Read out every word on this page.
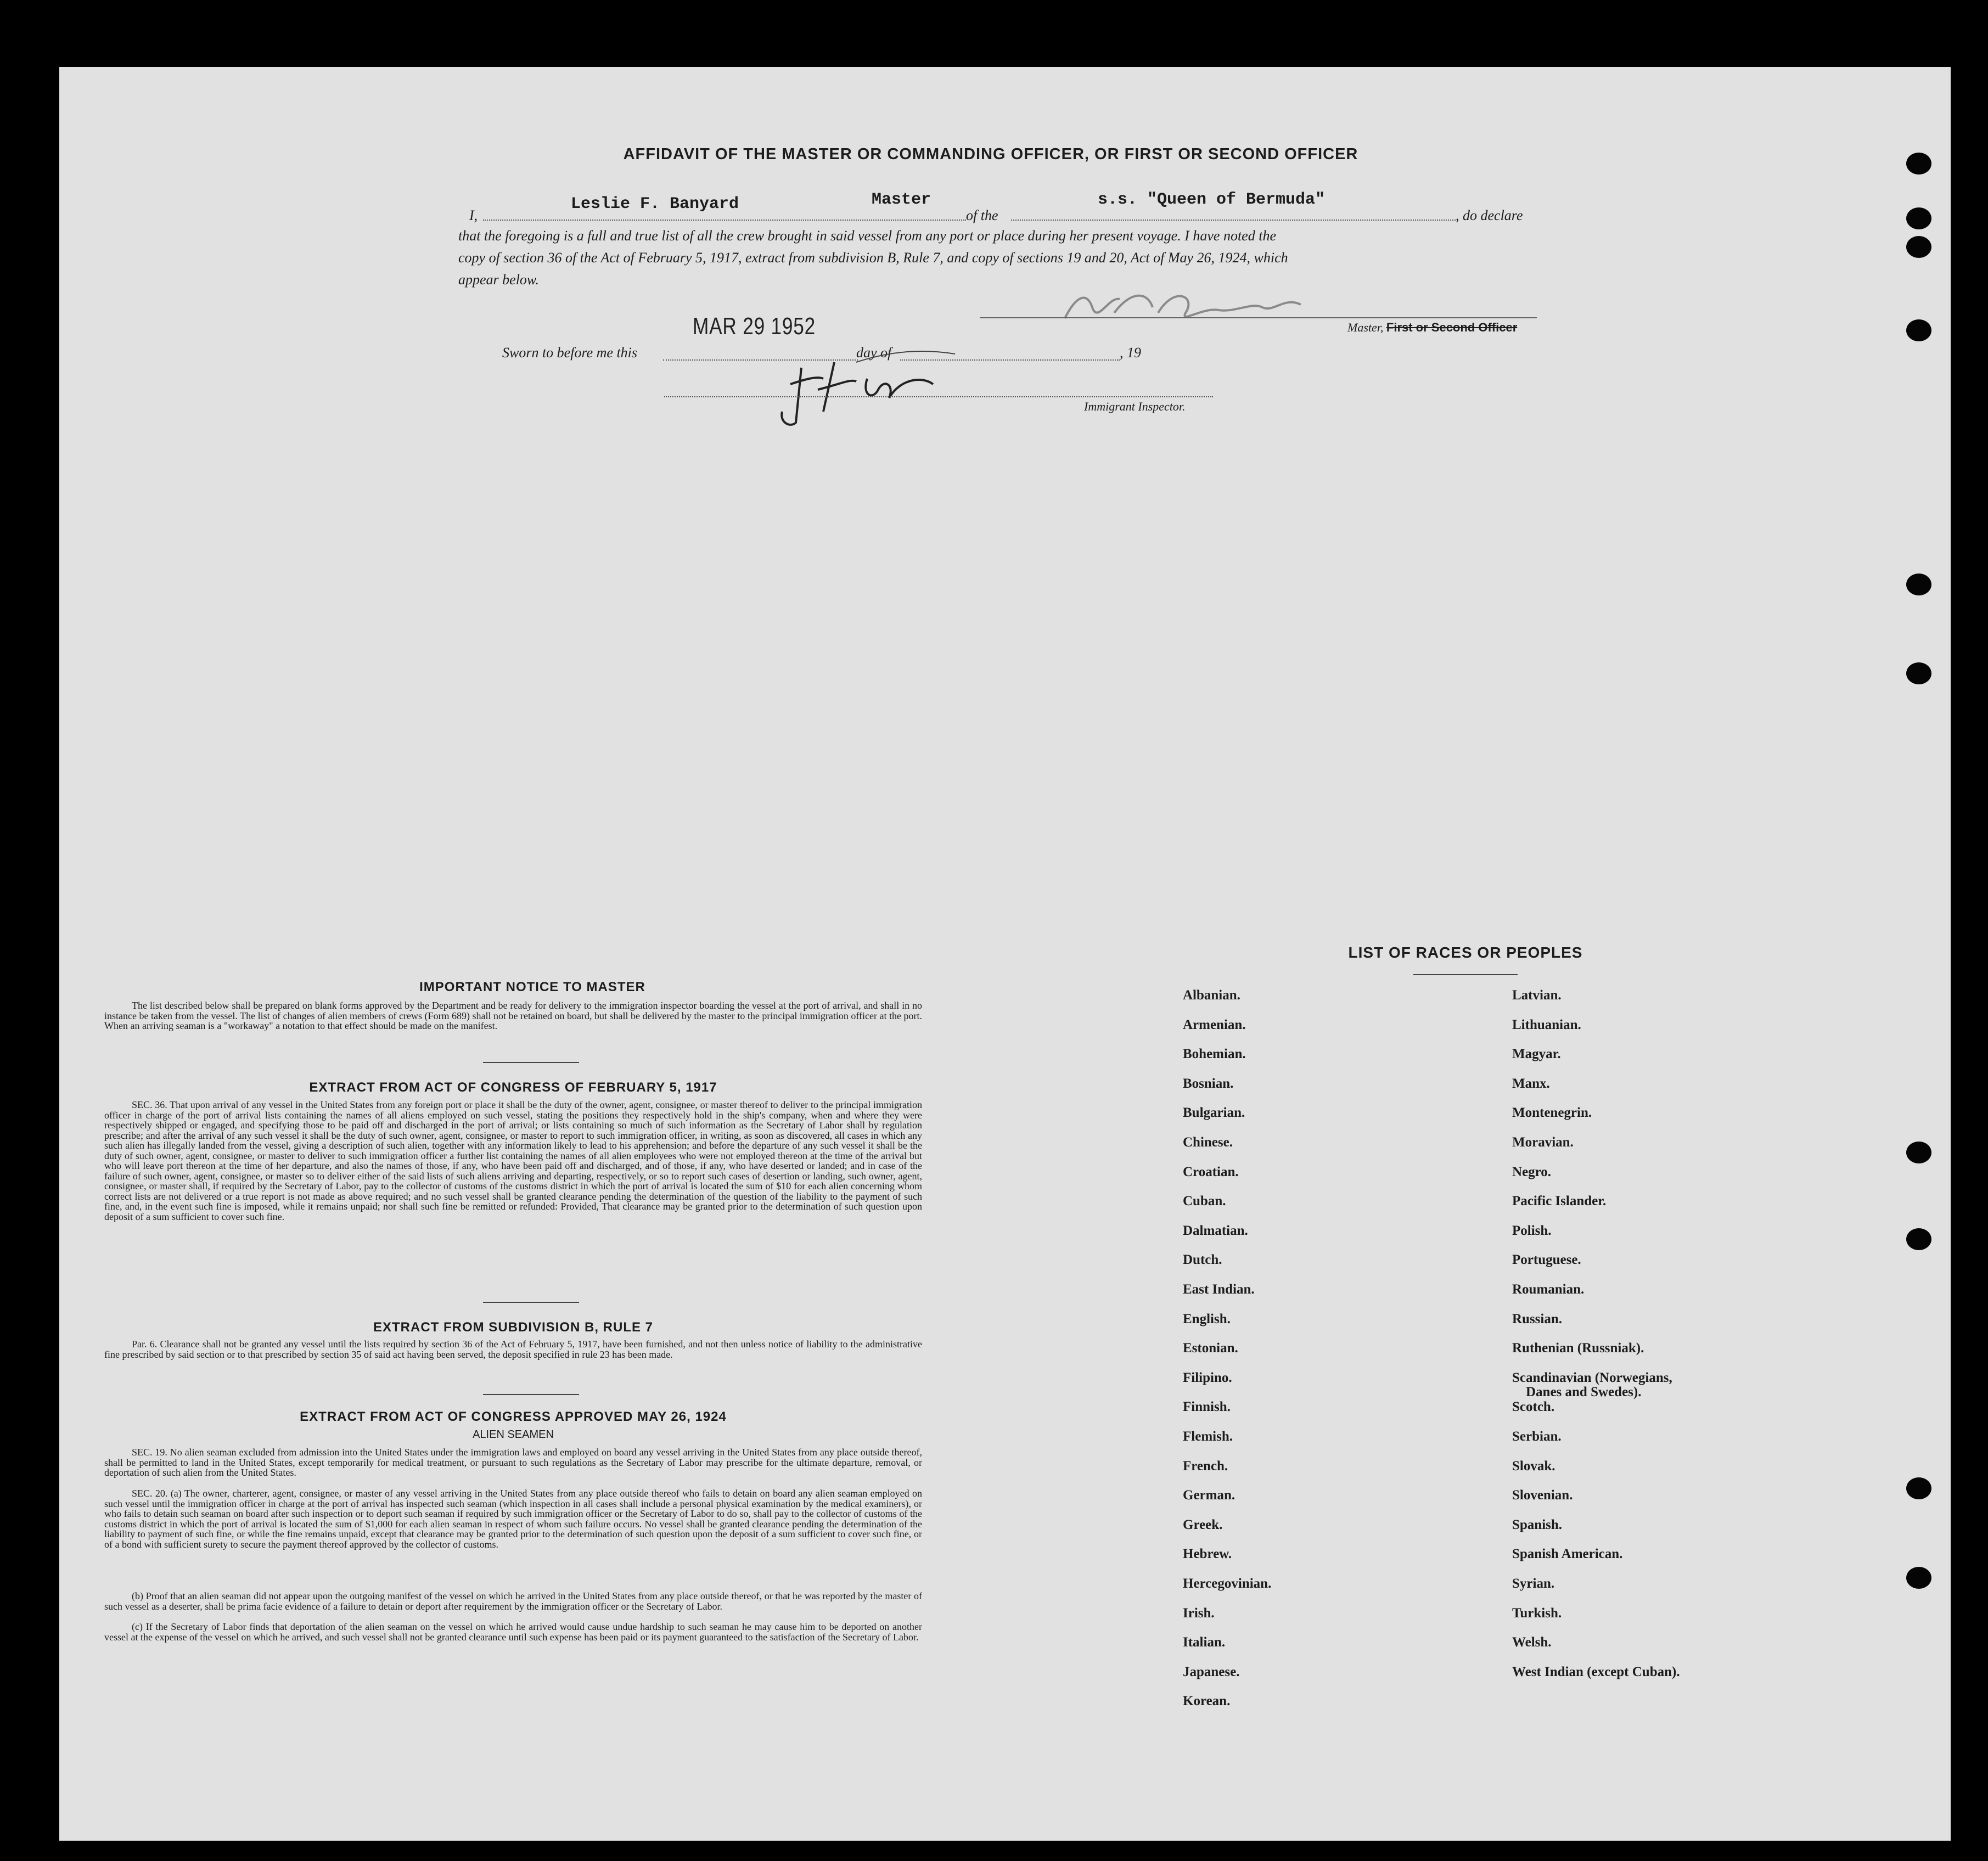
AFFIDAVIT OF THE MASTER OR COMMANDING OFFICER, OR FIRST OR SECOND OFFICER
I,
Leslie F. Banyard	Master
of the
s.s. "Queen of Bermuda"
, do declare
that the foregoing is a full and true list of all the crew brought in said vessel from any port or place during her present voyage. I have noted the
copy of section 36 of the Act of February 5, 1917, extract from subdivision B, Rule 7, and copy of sections 19 and 20, Act of May 26, 1924, which
appear below.
Master, First or Second Officer
Sworn to before me this
MAR 29 1952
day of	, 19
Immigrant Inspector.
IMPORTANT NOTICE TO MASTER
The list described below shall be prepared on blank forms approved by the Department and be ready for delivery to the immigration inspector boarding the vessel at the port of arrival, and shall in no instance be taken from the vessel. The list of changes of alien members of crews (Form 689) shall not be retained on board, but shall be delivered by the master to the principal immigration officer at the port. When an arriving seaman is a "workaway" a notation to that effect should be made on the manifest.
EXTRACT FROM ACT OF CONGRESS OF FEBRUARY 5, 1917
SEC. 36. That upon arrival of any vessel in the United States from any foreign port or place it shall be the duty of the owner, agent, consignee, or master thereof to deliver to the principal immigration officer in charge of the port of arrival lists containing the names of all aliens employed on such vessel, stating the positions they respectively hold in the ship's company, when and where they were respectively shipped or engaged, and specifying those to be paid off and discharged in the port of arrival; or lists containing so much of such information as the Secretary of Labor shall by regulation prescribe; and after the arrival of any such vessel it shall be the duty of such owner, agent, consignee, or master to report to such immigration officer, in writing, as soon as discovered, all cases in which any such alien has illegally landed from the vessel, giving a description of such alien, together with any information likely to lead to his apprehension; and before the departure of any such vessel it shall be the duty of such owner, agent, consignee, or master to deliver to such immigration officer a further list containing the names of all alien employees who were not employed thereon at the time of the arrival but who will leave port thereon at the time of her departure, and also the names of those, if any, who have been paid off and discharged, and of those, if any, who have deserted or landed; and in case of the failure of such owner, agent, consignee, or master so to deliver either of the said lists of such aliens arriving and departing, respectively, or so to report such cases of desertion or landing, such owner, agent, consignee, or master shall, if required by the Secretary of Labor, pay to the collector of customs of the customs district in which the port of arrival is located the sum of $10 for each alien concerning whom correct lists are not delivered or a true report is not made as above required; and no such vessel shall be granted clearance pending the determination of the question of the liability to the payment of such fine, and, in the event such fine is imposed, while it remains unpaid; nor shall such fine be remitted or refunded: Provided, That clearance may be granted prior to the determination of such question upon deposit of a sum sufficient to cover such fine.
EXTRACT FROM SUBDIVISION B, RULE 7
Par. 6. Clearance shall not be granted any vessel until the lists required by section 36 of the Act of February 5, 1917, have been furnished, and not then unless notice of liability to the administrative fine prescribed by said section or to that prescribed by section 35 of said act having been served, the deposit specified in rule 23 has been made.
EXTRACT FROM ACT OF CONGRESS APPROVED MAY 26, 1924
ALIEN SEAMEN
SEC. 19. No alien seaman excluded from admission into the United States under the immigration laws and employed on board any vessel arriving in the United States from any place outside thereof, shall be permitted to land in the United States, except temporarily for medical treatment, or pursuant to such regulations as the Secretary of Labor may prescribe for the ultimate departure, removal, or deportation of such alien from the United States.
SEC. 20. (a) The owner, charterer, agent, consignee, or master of any vessel arriving in the United States from any place outside thereof who fails to detain on board any alien seaman employed on such vessel until the immigration officer in charge at the port of arrival has inspected such seaman (which inspection in all cases shall include a personal physical examination by the medical examiners), or who fails to detain such seaman on board after such inspection or to deport such seaman if required by such immigration officer or the Secretary of Labor to do so, shall pay to the collector of customs of the customs district in which the port of arrival is located the sum of $1,000 for each alien seaman in respect of whom such failure occurs. No vessel shall be granted clearance pending the determination of the liability to payment of such fine, or while the fine remains unpaid, except that clearance may be granted prior to the determination of such question upon the deposit of a sum sufficient to cover such fine, or of a bond with sufficient surety to secure the payment thereof approved by the collector of customs.
(b) Proof that an alien seaman did not appear upon the outgoing manifest of the vessel on which he arrived in the United States from any place outside thereof, or that he was reported by the master of such vessel as a deserter, shall be prima facie evidence of a failure to detain or deport after requirement by the immigration officer or the Secretary of Labor.
(c) If the Secretary of Labor finds that deportation of the alien seaman on the vessel on which he arrived would cause undue hardship to such seaman he may cause him to be deported on another vessel at the expense of the vessel on which he arrived, and such vessel shall not be granted clearance until such expense has been paid or its payment guaranteed to the satisfaction of the Secretary of Labor.
LIST OF RACES OR PEOPLES
Albanian.
Armenian.
Bohemian.
Bosnian.
Bulgarian.
Chinese.
Croatian.
Cuban.
Dalmatian.
Dutch.
East Indian.
English.
Estonian.
Filipino.
Finnish.
Flemish.
French.
German.
Greek.
Hebrew.
Hercegovinian.
Irish.
Italian.
Japanese.
Korean.
Latvian.
Lithuanian.
Magyar.
Manx.
Montenegrin.
Moravian.
Negro.
Pacific Islander.
Polish.
Portuguese.
Roumanian.
Russian.
Ruthenian (Russniak).
Scandinavian (Norwegians,
Danes and Swedes).
Scotch.
Serbian.
Slovak.
Slovenian.
Spanish.
Spanish American.
Syrian.
Turkish.
Welsh.
West Indian (except Cuban).
